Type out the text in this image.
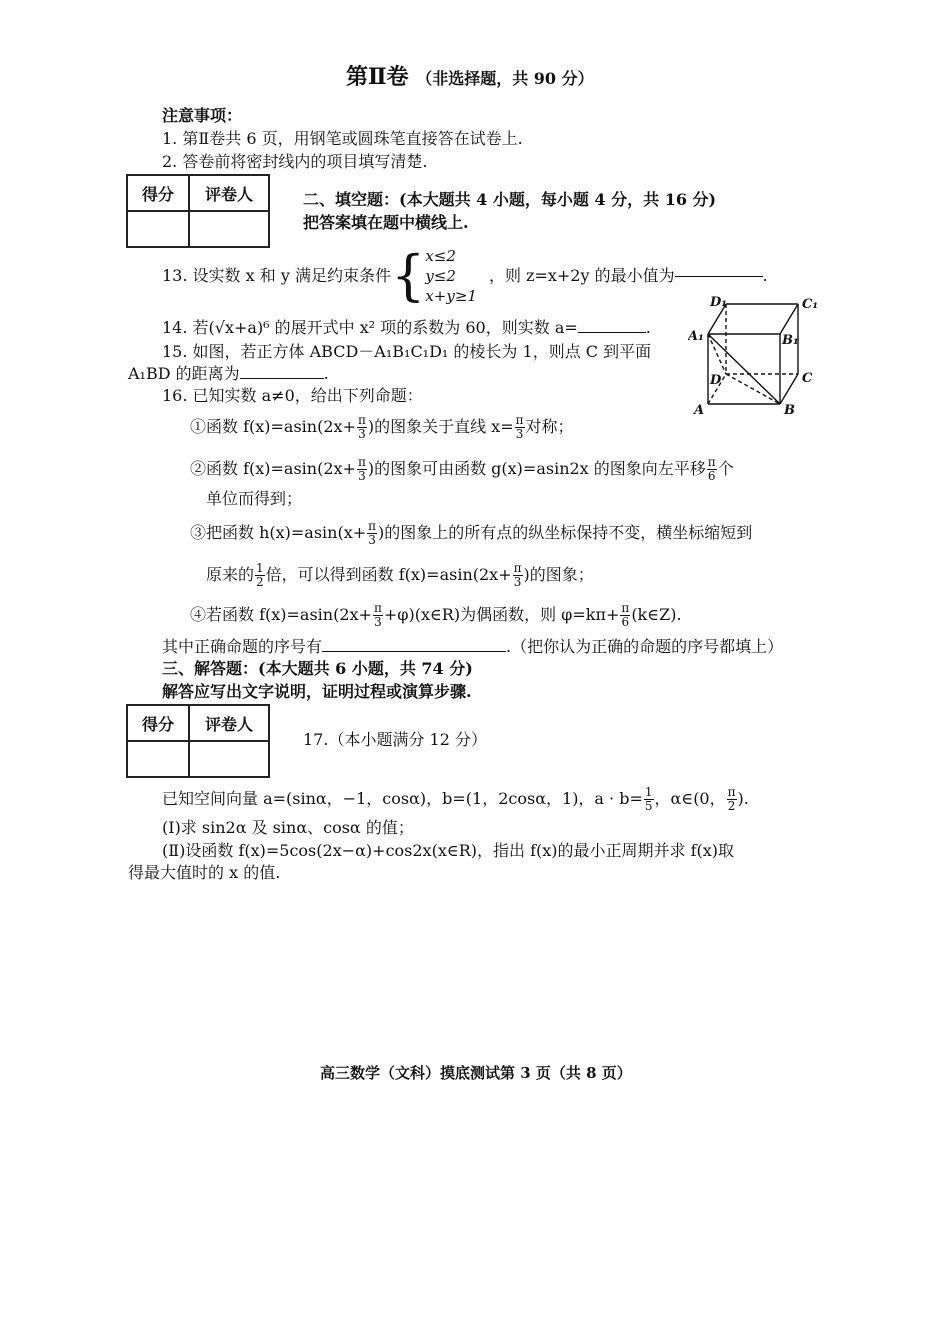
第Ⅱ卷 （非选择题，共 90 分）
注意事项：
1. 第Ⅱ卷共 6 页，用钢笔或圆珠笔直接答在试卷上.
2. 答卷前将密封线内的项目填写清楚.
得分	评卷人
		二、填空题：(本大题共 4 小题，每小题 4 分，共 16 分)
把答案填在题中横线上.
13. 设实数 x 和 y 满足约束条件{ x≤2
y≤2
x+y≥1
，则 z=x+2y 的最小值为	.
14. 若(√x+a)⁶ 的展开式中 x² 项的系数为 60，则实数 a=	.
15. 如图，若正方体 ABCD－A₁B₁C₁D₁ 的棱长为 1，则点 C 到平面
A₁BD 的距离为	.
D₁	C₁
A₁	B₁
D	C
A	B
16. 已知实数 a≠0，给出下列命题：
①函数 $f(x)=asin(2x+ \frac{\pi}{3}$ )的图象关于直线 $x= \frac{\pi}{3}$ 对称；
②函数 $f(x)=asin(2x+ \frac{\pi}{3}$ )的图象可由函数 g(x)=asin2x 的图象向左平移 $\frac{\pi}{6}$ 个
单位而得到；
③把函数 $h(x)=asin(x+ \frac{\pi}{3}$ )的图象上的所有点的纵坐标保持不变，横坐标缩短到
原来的 $\frac{1}{2}$ 倍，可以得到函数 $f(x)=asin(2x+ \frac{\pi}{3}$ )的图象；
④若函数 $f(x)=asin(2x+ \frac{\pi}{3}$ +φ)(x∈R)为偶函数，则 $\varphi=k\pi+ \frac{\pi}{6}$ (k∈Z).
其中正确命题的序号有	.（把你认为正确的命题的序号都填上）
三、解答题：(本大题共 6 小题，共 74 分)
解答应写出文字说明，证明过程或演算步骤.
得分	评卷人

17.（本小题满分 12 分）
已知空间向量 a=(sinα，−1，cosα)，b=(1，2cosα，1)，$a \cdot b= \frac{1}{5}$ ，α∈(0， $\frac{\pi}{2}$ ).
(Ⅰ)求 sin2α 及 sinα、cosα 的值；
(Ⅱ)设函数 f(x)=5cos(2x−α)+cos2x(x∈R)，指出 f(x)的最小正周期并求 f(x)取
得最大值时的 x 的值.
高三数学（文科）摸底测试第 3 页（共 8 页）
